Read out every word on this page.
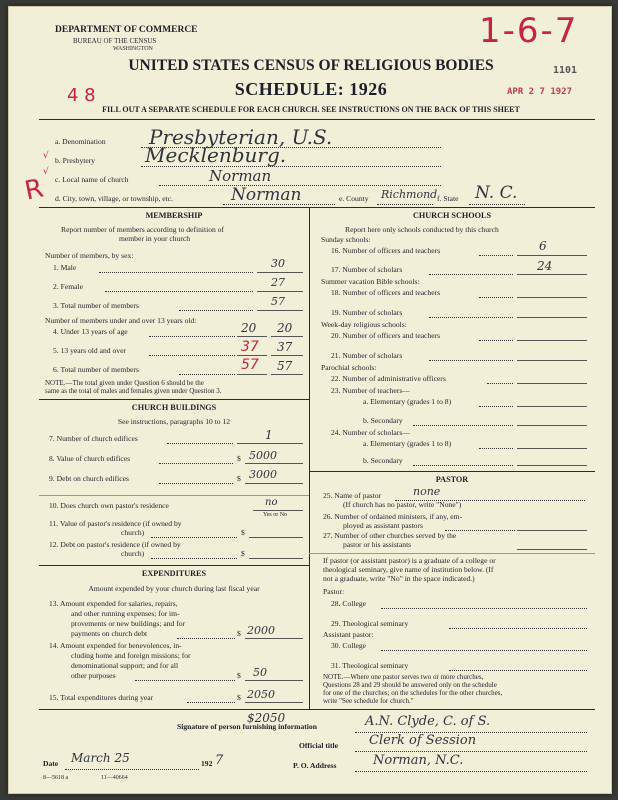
DEPARTMENT OF COMMERCE
BUREAU OF THE CENSUS
WASHINGTON
UNITED STATES CENSUS OF RELIGIOUS BODIES
SCHEDULE: 1926
1-6-7
4 8	APR 2 7 1927
1101
FILL OUT A SEPARATE SCHEDULE FOR EACH CHURCH. SEE INSTRUCTIONS ON THE BACK OF THIS SHEET
R
√
√
a. Denomination Presbyterian, U.S.
b. Presbytery Mecklenburg.
c. Local name of church	Norman
d. City, town, village, or township, etc.	Norman	e. County Richmond f. State N. C.
MEMBERSHIP
Report number of members according to definition of
member in your church
Number of members, by sex:
1. Male	30
2. Female	27
3. Total number of members	57
Number of members under and over 13 years old:
4. Under 13 years of age	20 20
5. 13 years old and over	37 37
6. Total number of members	57 57
NOTE.—The total given under Question 6 should be the
same as the total of males and females given under Question 3.
CHURCH BUILDINGS
See instructions, paragraphs 10 to 12
7. Number of church edifices	1
8. Value of church edifices	$ 5000
9. Debt on church edifices	$ 3000
10. Does church own pastor's residence	no
Yes or No
11. Value of pastor's residence (if owned by
church)	$
12. Debt on pastor's residence (if owned by
church)	$
EXPENDITURES
Amount expended by your church during last fiscal year
13. Amount expended for salaries, repairs,
and other running expenses; for im-
provements or new buildings; and for
payments on church debt	$ 2000
14. Amount expended for benevolences, in-
cluding home and foreign missions; for
denominational support; and for all
other purposes	$ 50
15. Total expenditures during year	$ 2050
$2050
CHURCH SCHOOLS
Report here only schools conducted by this church
Sunday schools:
16. Number of officers and teachers	6
17. Number of scholars	24
Summer vacation Bible schools:
18. Number of officers and teachers
19. Number of scholars
Week-day religious schools:
20. Number of officers and teachers
21. Number of scholars
Parochial schools:
22. Number of administrative officers
23. Number of teachers—
a. Elementary (grades 1 to 8)
b. Secondary
24. Number of scholars—
a. Elementary (grades 1 to 8)
b. Secondary
PASTOR
25. Name of pastor	none
(If church has no pastor, write "None")
26. Number of ordained ministers, if any, em-
ployed as assistant pastors
27. Number of other churches served by the
pastor or his assistants
If pastor (or assistant pastor) is a graduate of a college or
theological seminary, give name of institution below. (If
not a graduate, write "No" in the space indicated.)
Pastor:
28. College
29. Theological seminary
Assistant pastor:
30. College
31. Theological seminary
NOTE.—Where one pastor serves two or more churches,
Questions 28 and 29 should be answered only on the schedule
for one of the churches; on the schedules for the other churches,
write "See schedule for church."
Signature of person furnishing information	A.N. Clyde, C. of S.
Official title Clerk of Session
Date March 25	192 7	P. O. Address	Norman, N.C.
8—5618 a	11—40664
